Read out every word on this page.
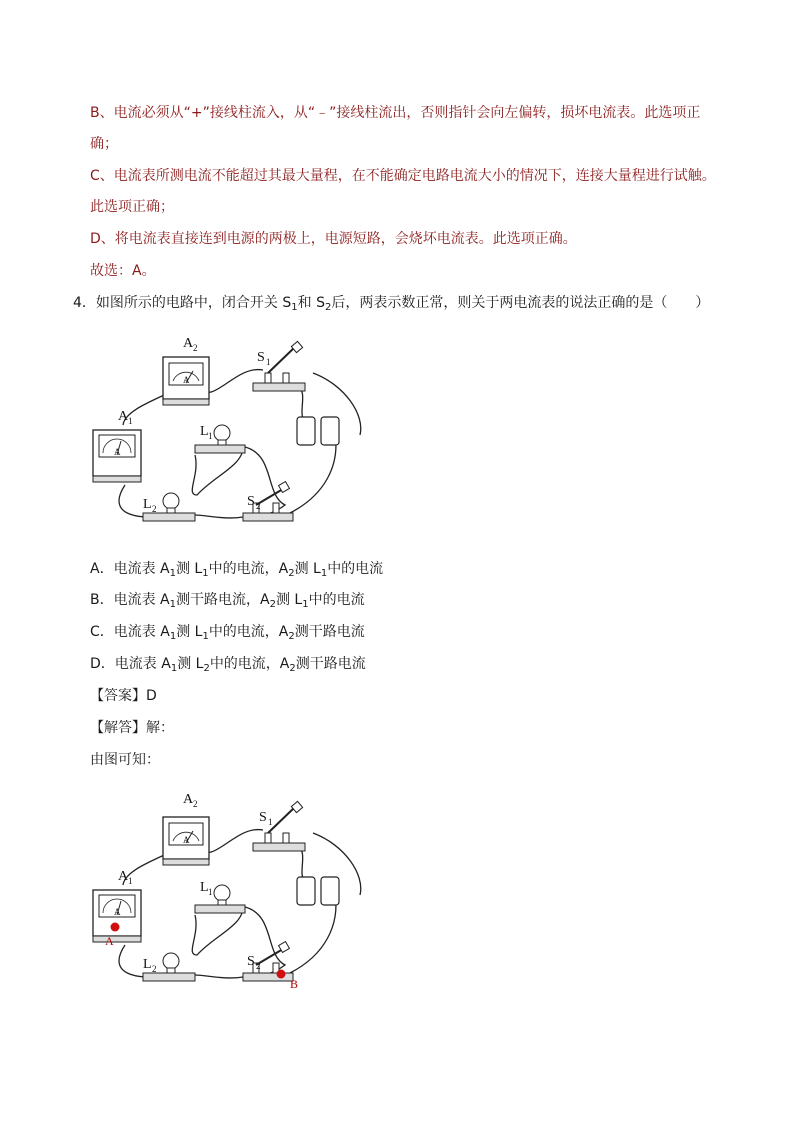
B、电流必须从“+”接线柱流入，从“﹣”接线柱流出，否则指针会向左偏转，损坏电流表。此选项正
确；
C、电流表所测电流不能超过其最大量程，在不能确定电路电流大小的情况下，连接大量程进行试触。
此选项正确；
D、将电流表直接连到电源的两极上，电源短路，会烧坏电流表。此选项正确。
故选：A。
4．如图所示的电路中，闭合开关 $S_1$和 $S_2$后，两表示数正常，则关于两电流表的说法正确的是（　　）
A
A 2
S 1
A
A 1
L 1
L 2	S 2
A．电流表 $A_1$测 $L_1$中的电流，$A_2$测 $L_1$中的电流
B．电流表 $A_1$测干路电流，$A_2$测 $L_1$中的电流
C．电流表 $A_1$测 $L_1$中的电流，$A_2$测干路电流
D．电流表 $A_1$测 $L_2$中的电流，$A_2$测干路电流
【答案】D
【解答】解：
由图可知：
A
A 2
S 1
A
A 1	L 1
L 2	S 2
A
B
